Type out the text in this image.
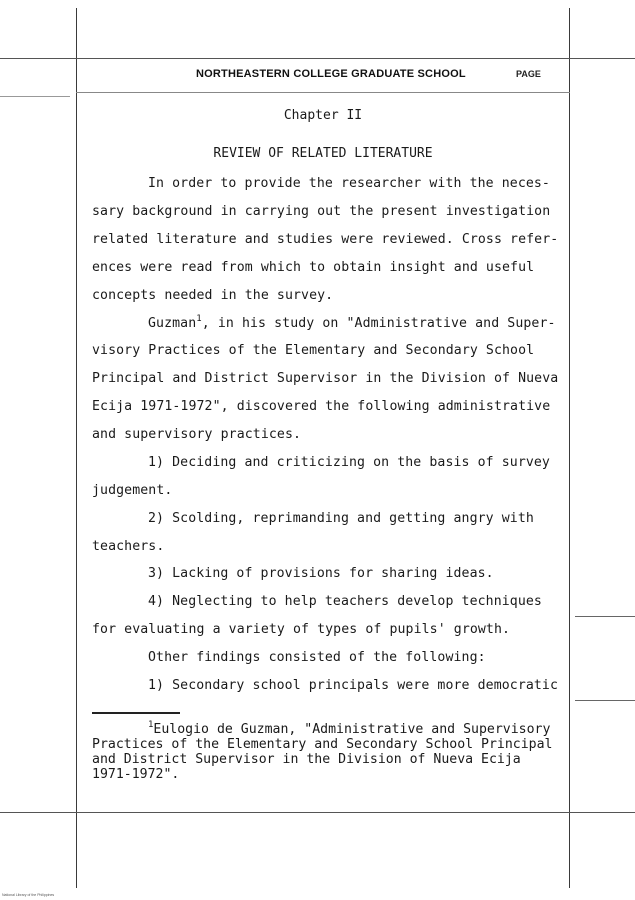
NORTHEASTERN COLLEGE GRADUATE SCHOOL	PAGE
Chapter II
REVIEW OF RELATED LITERATURE
In order to provide the researcher with the neces-
sary background in carrying out the present investigation
related literature and studies were reviewed. Cross refer-
ences were read from which to obtain insight and useful
concepts needed in the survey.
Guzman$^1$, in his study on "Administrative and Super-
visory Practices of the Elementary and Secondary School
Principal and District Supervisor in the Division of Nueva
Ecija 1971-1972", discovered the following administrative
and supervisory practices.
1) Deciding and criticizing on the basis of survey
judgement.
2) Scolding, reprimanding and getting angry with
teachers.
3) Lacking of provisions for sharing ideas.
4) Neglecting to help teachers develop techniques
for evaluating a variety of types of pupils' growth.
Other findings consisted of the following:
1) Secondary school principals were more democratic
$^1$Eulogio de Guzman, "Administrative and Supervisory
Practices of the Elementary and Secondary School Principal
and District Supervisor in the Division of Nueva Ecija
1971-1972".
National Library of the Philippines
